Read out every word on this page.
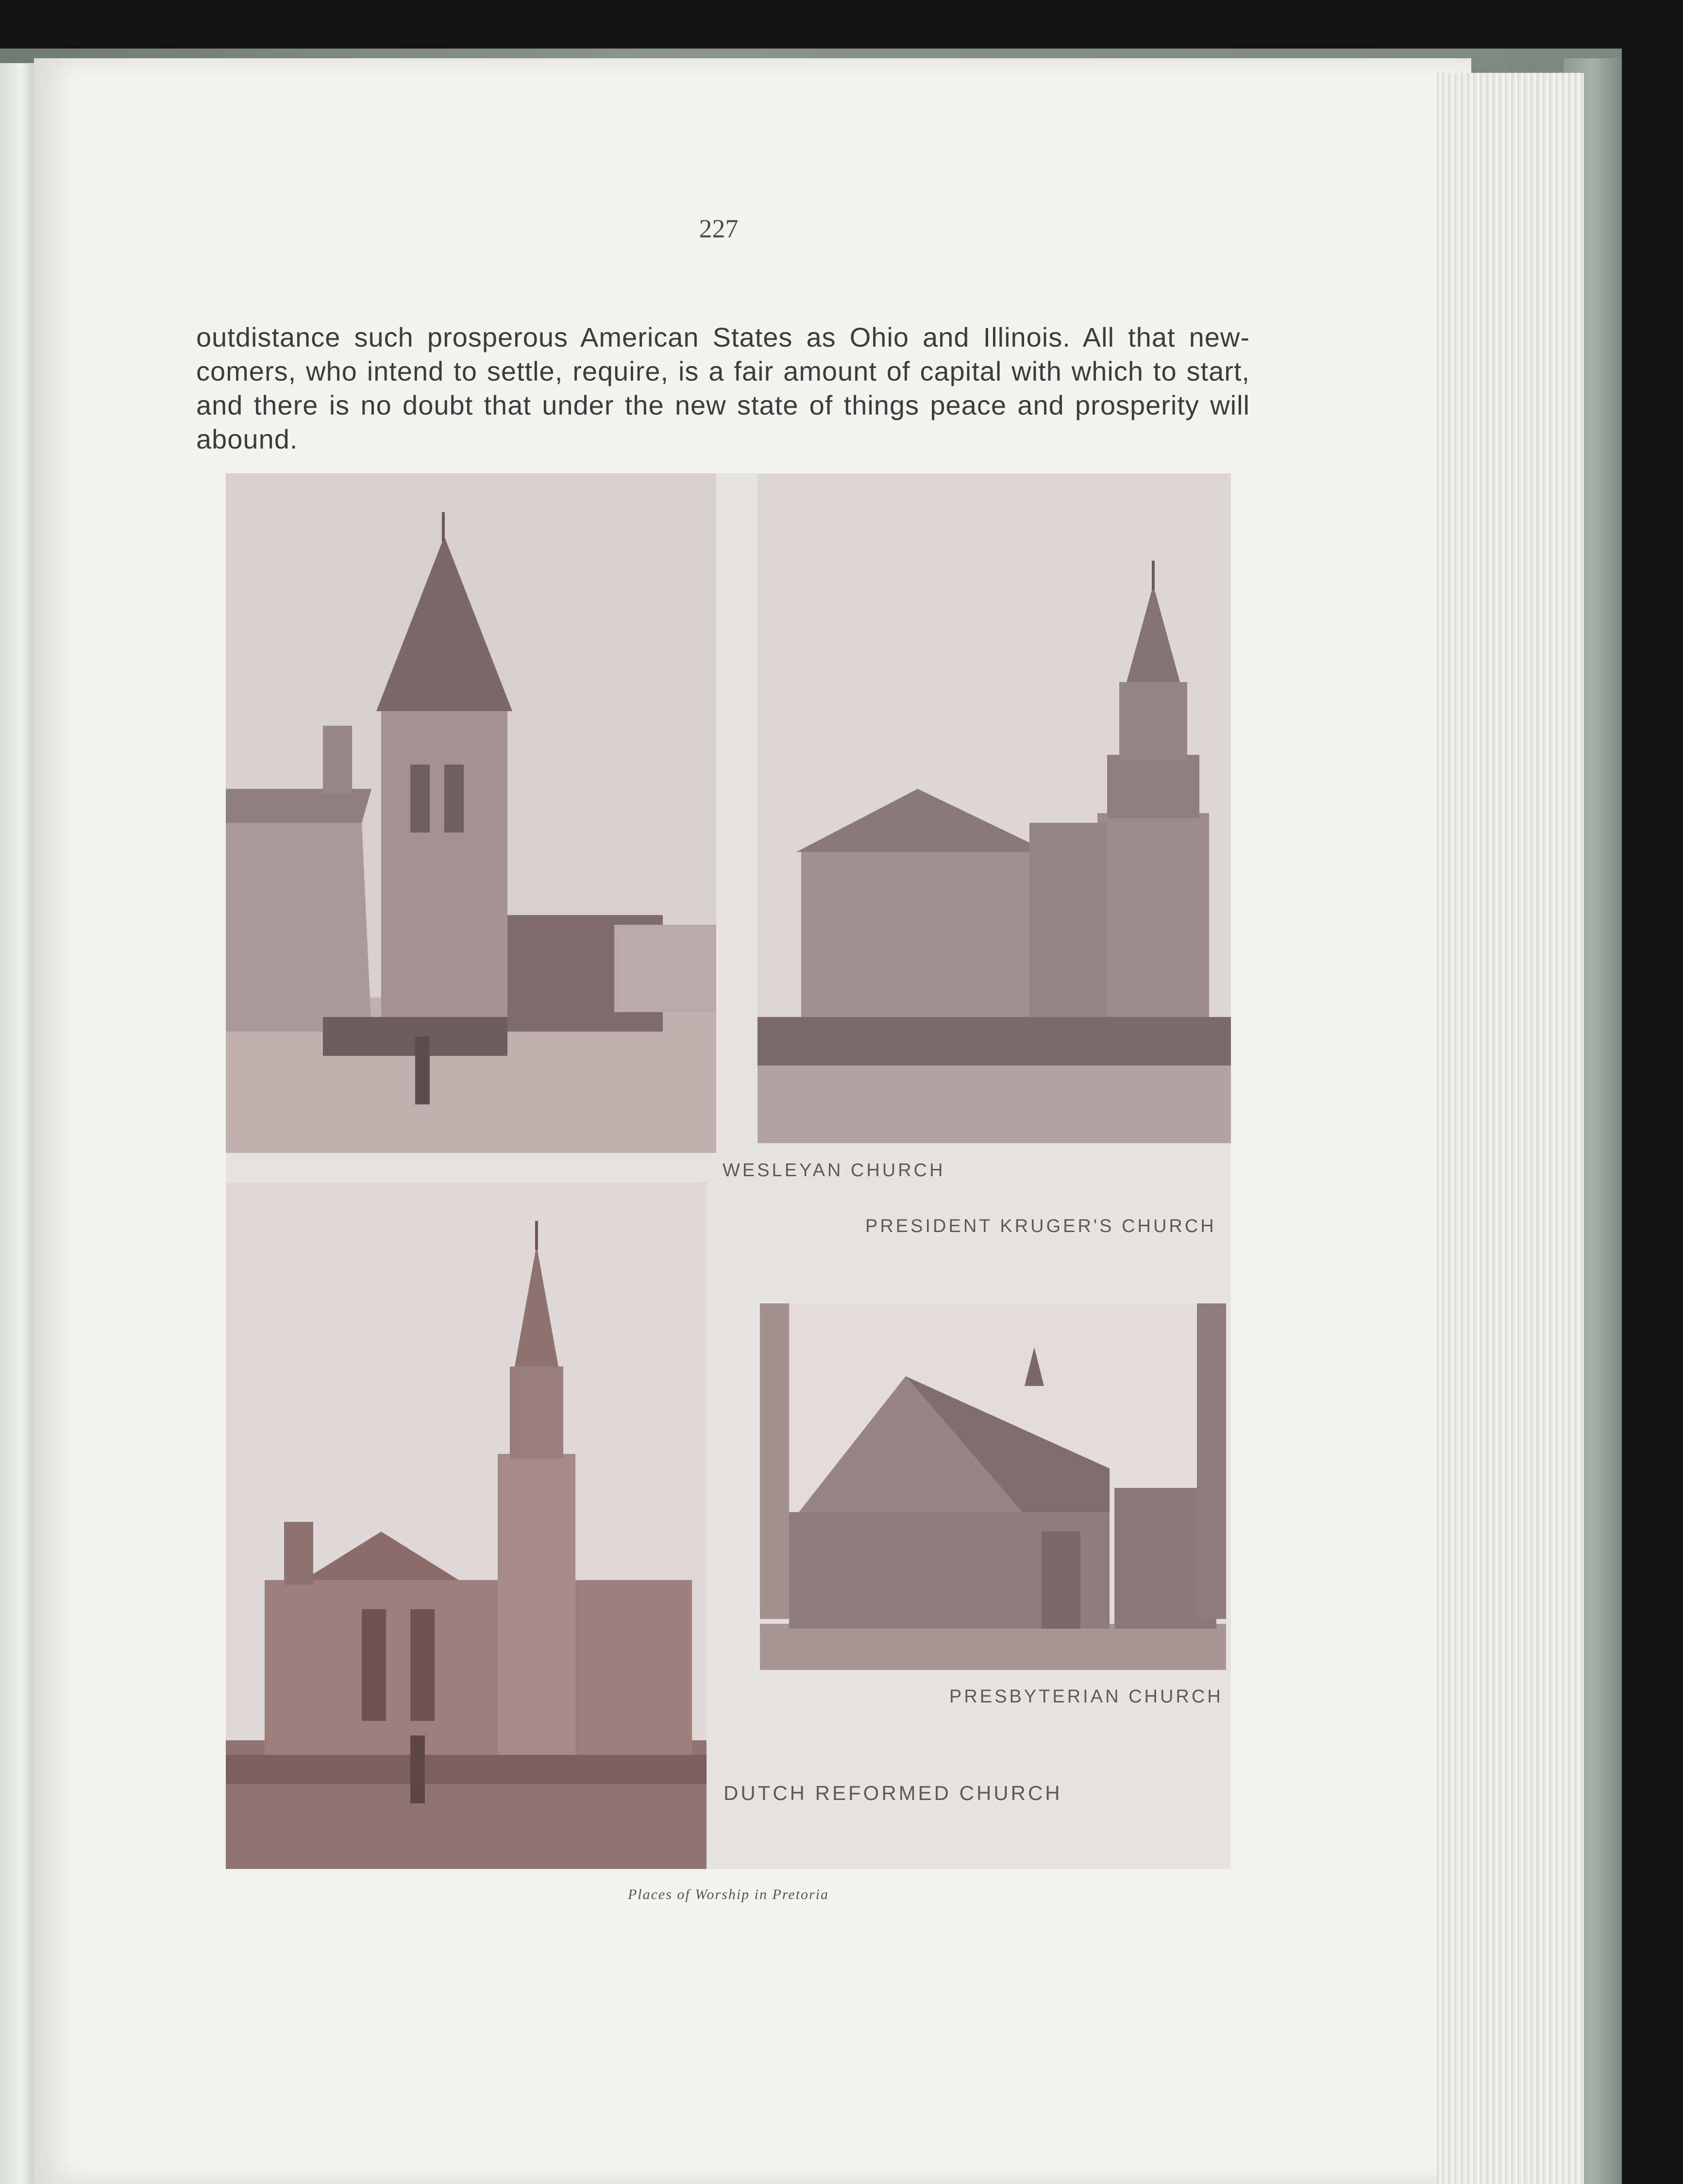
227
outdistance such prosperous American States as Ohio and Illinois. All that new-comers, who intend to settle, require, is a fair amount of capital with which to start, and there is no doubt that under the new state of things peace and prosperity will abound.
WESLEYAN CHURCH
PRESIDENT KRUGER'S CHURCH
PRESBYTERIAN CHURCH
DUTCH REFORMED CHURCH
Places of Worship in Pretoria
